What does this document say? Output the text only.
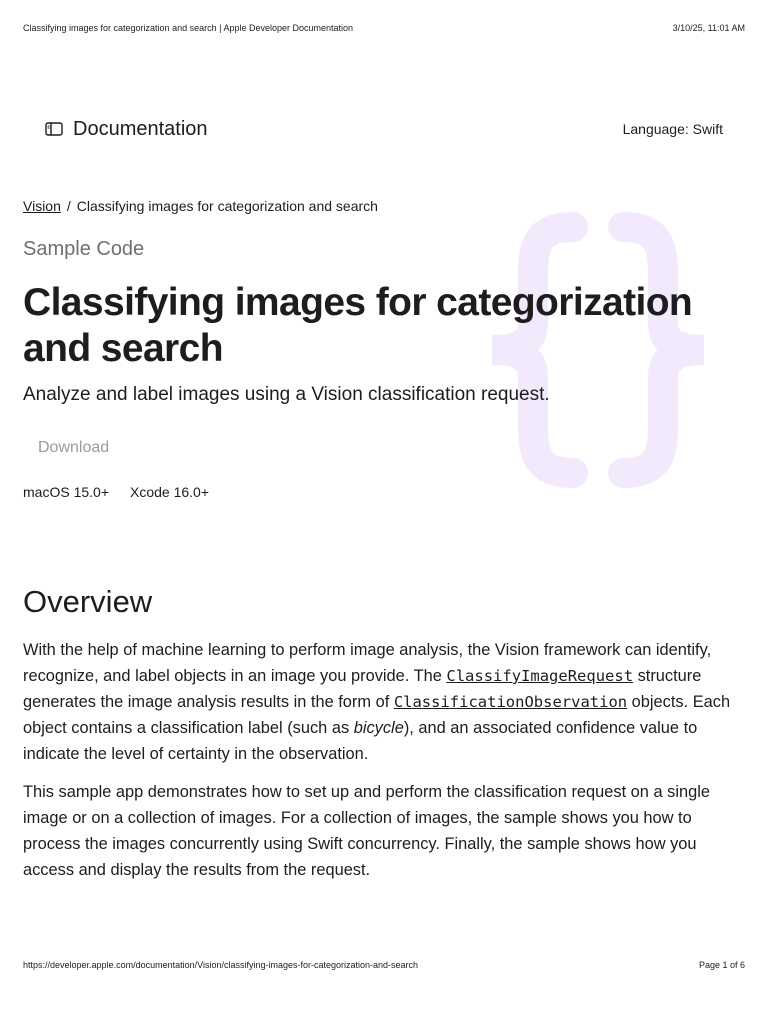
Classifying images for categorization and search | Apple Developer Documentation	3/10/25, 11:01 AM
Documentation	Language: Swift
Vision / Classifying images for categorization and search
Sample Code
Classifying images for categorization and search
Analyze and label images using a Vision classification request.
Download
macOS 15.0+ Xcode 16.0+
Overview

With the help of machine learning to perform image analysis, the Vision framework can identify, recognize, and label objects in an image you provide. The ClassifyImageRequest structure generates the image analysis results in the form of ClassificationObservation objects. Each object contains a classification label (such as bicycle), and an associated confidence value to indicate the level of certainty in the observation.

This sample app demonstrates how to set up and perform the classification request on a single image or on a collection of images. For a collection of images, the sample shows you how to process the images concurrently using Swift concurrency. Finally, the sample shows how you access and display the results from the request.

https://developer.apple.com/documentation/Vision/classifying-images-for-categorization-and-search	Page 1 of 6
